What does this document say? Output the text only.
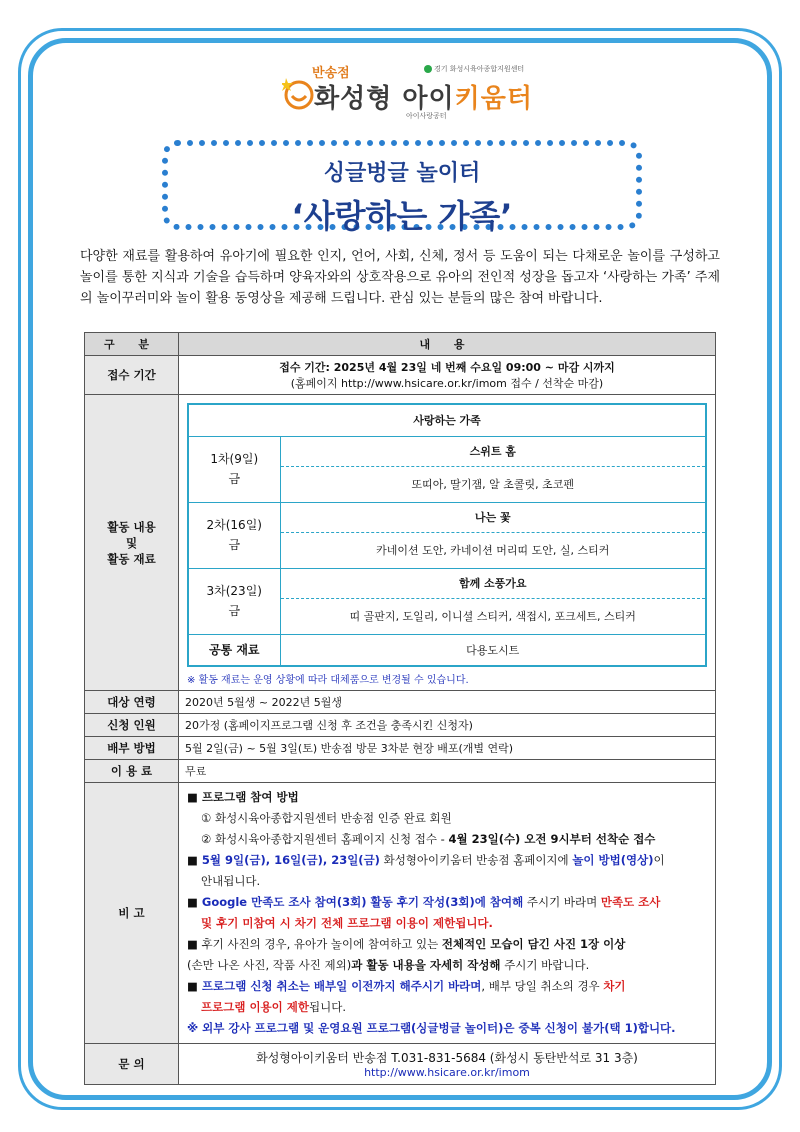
반송점	경기 화성시육아종합지원센터
화성형 아이키움터
아이사랑공터
싱글벙글 놀이터
‘사랑하는 가족’

다양한 재료를 활용하여 유아기에 필요한 인지, 언어, 사회, 신체, 정서 등 도움이 되는 다채로운 놀이를 구성하고 놀이를 통한 지식과 기술을 습득하며 양육자와의 상호작용으로 유아의 전인적 성장을 돕고자 ‘사랑하는 가족’ 주제의 놀이꾸러미와 놀이 활용 동영상을 제공해 드립니다. 관심 있는 분들의 많은 참여 바랍니다.

구 분	내 용
접수 기간	
접수 기간: 2025년 4월 23일 네 번째 수요일 09:00 ~ 마감 시까지
(홈페이지 http://www.hsicare.or.kr/imom 접수 / 선착순 마감)

활동 내용
및
활동 재료

사랑하는 가족

1차(9일)
금
	스위트 홈
또띠아, 딸기잼, 알 초콜릿, 초코펜

2차(16일)
금
	나는 꽃
카네이션 도안, 카네이션 머리띠 도안, 실, 스티커

3차(23일)
금
	함께 소풍가요
띠 골판지, 도일리, 이니셜 스티커, 색접시, 포크세트, 스티커
공통 재료	다용도시트
※ 활동 재료는 운영 상황에 따라 대체품으로 변경될 수 있습니다.

대상 연령	2020년 5월생 ~ 2022년 5월생
신청 인원	20가정 (홈페이지프로그램 신청 후 조건을 충족시킨 신청자)
배부 방법	5월 2일(금) ~ 5월 3일(토) 반송점 방문 3차분 현장 배포(개별 연락)
이 용 료	무료
비 고	

■ 프로그램 참여 방법

① 화성시육아종합지원센터 반송점 인증 완료 회원

② 화성시육아종합지원센터 홈페이지 신청 접수 - 4월 23일(수) 오전 9시부터 선착순 접수

■ 5월 9일(금), 16일(금), 23일(금) 화성형아이키움터 반송점 홈페이지에 놀이 방법(영상)이

안내됩니다.

■ Google 만족도 조사 참여(3회) 활동 후기 작성(3회)에 참여해 주시기 바라며 만족도 조사

및 후기 미참여 시 차기 전체 프로그램 이용이 제한됩니다.

■ 후기 사진의 경우, 유아가 놀이에 참여하고 있는 전체적인 모습이 담긴 사진 1장 이상

(손만 나온 사진, 작품 사진 제외)과 활동 내용을 자세히 작성해 주시기 바랍니다.

■ 프로그램 신청 취소는 배부일 이전까지 해주시기 바라며, 배부 당일 취소의 경우 차기

프로그램 이용이 제한됩니다.

※ 외부 강사 프로그램 및 운영요원 프로그램(싱글벙글 놀이터)은 중복 신청이 불가(택 1)합니다.

문 의	화성형아이키움터 반송점 T.031-831-5684 (화성시 동탄반석로 31 3층)
http://www.hsicare.or.kr/imom
